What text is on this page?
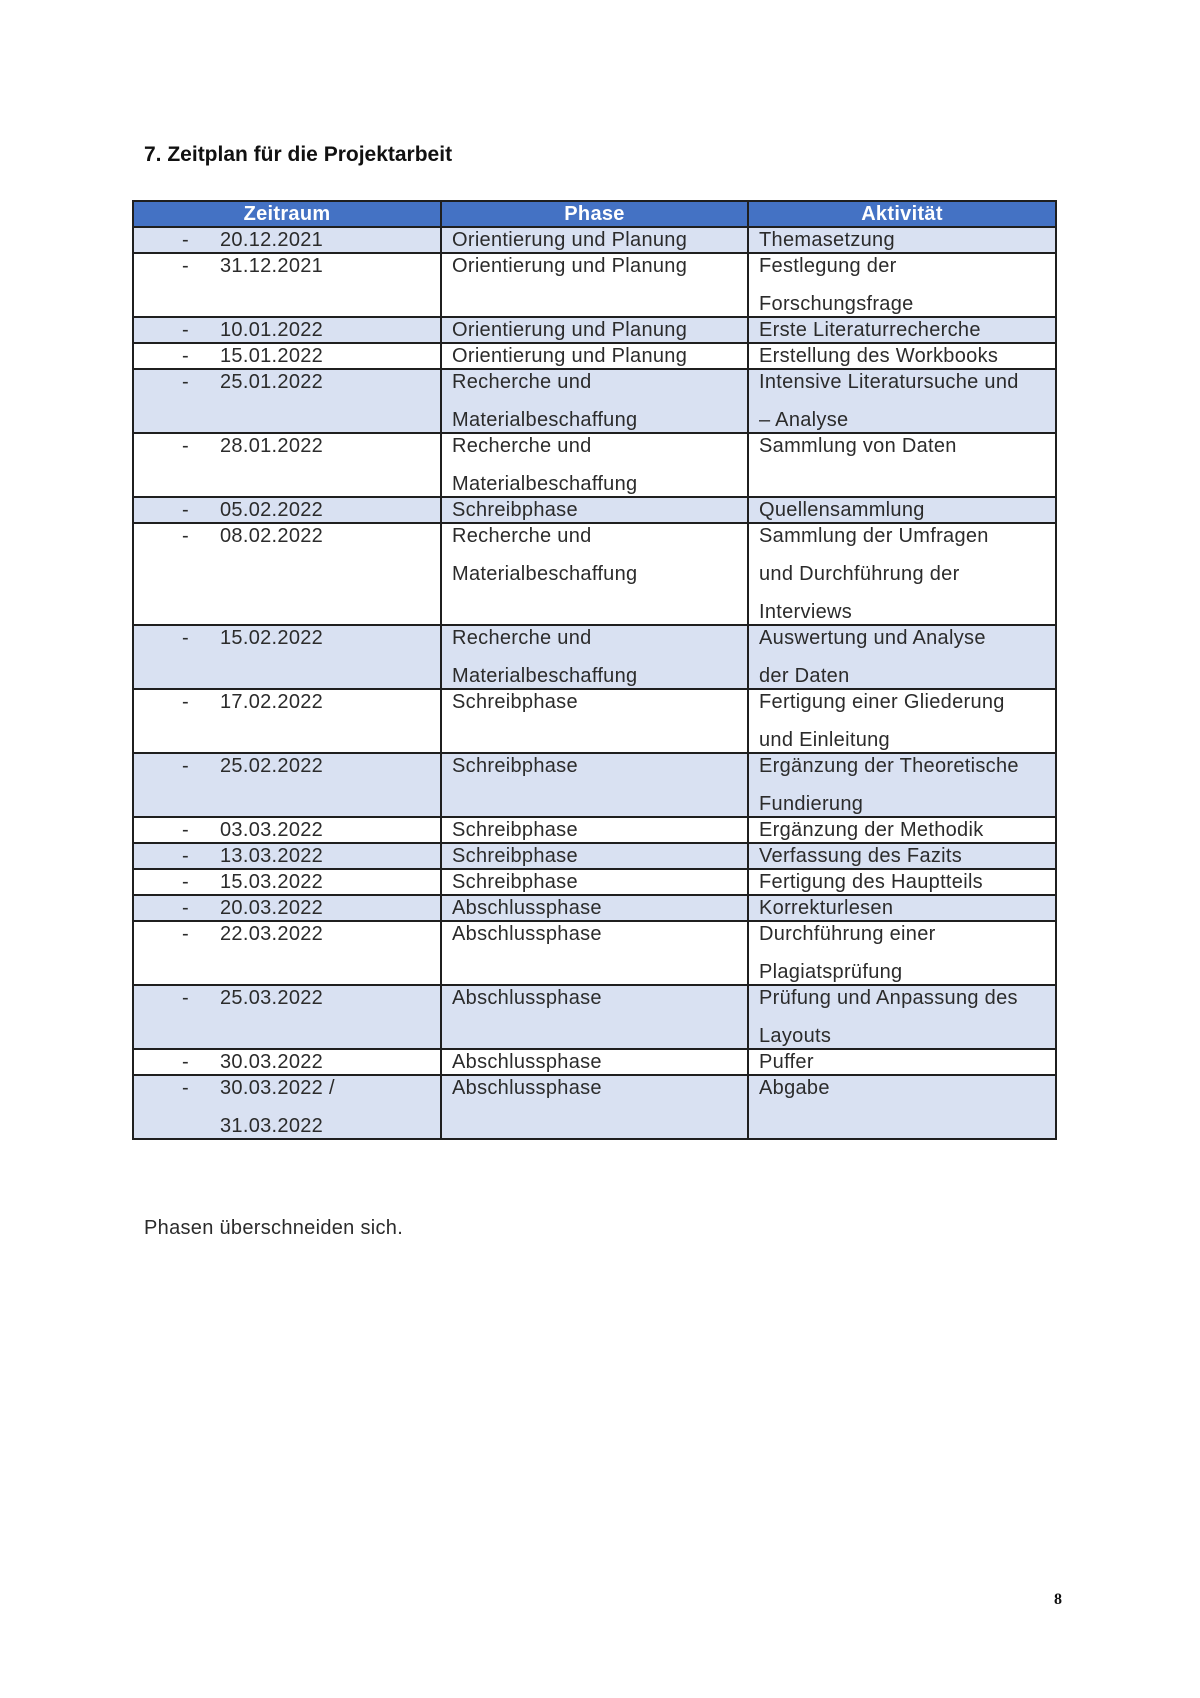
7. Zeitplan für die Projektarbeit
Zeitraum	Phase	Aktivität

- 20.12.2021	Orientierung und Planung	Themasetzung

- 31.12.2021	Orientierung und Planung	Festlegung der
Forschungsfrage

- 10.01.2022	Orientierung und Planung	Erste Literaturrecherche

- 15.01.2022	Orientierung und Planung	Erstellung des Workbooks

- 25.01.2022	Recherche und
Materialbeschaffung	Intensive Literatursuche und
– Analyse

- 28.01.2022	Recherche und
Materialbeschaffung	Sammlung von Daten

- 05.02.2022	Schreibphase	Quellensammlung

- 08.02.2022	Recherche und
Materialbeschaffung	Sammlung der Umfragen
und Durchführung der
Interviews

- 15.02.2022	Recherche und
Materialbeschaffung	Auswertung und Analyse
der Daten

- 17.02.2022	Schreibphase	Fertigung einer Gliederung
und Einleitung

- 25.02.2022	Schreibphase	Ergänzung der Theoretische
Fundierung

- 03.03.2022	Schreibphase	Ergänzung der Methodik

- 13.03.2022	Schreibphase	Verfassung des Fazits

- 15.03.2022	Schreibphase	Fertigung des Hauptteils

- 20.03.2022	Abschlussphase	Korrekturlesen

- 22.03.2022	Abschlussphase	Durchführung einer
Plagiatsprüfung

- 25.03.2022	Abschlussphase	Prüfung und Anpassung des
Layouts

- 30.03.2022	Abschlussphase	Puffer

- 30.03.2022 /
31.03.2022	Abschlussphase	Abgabe

Phasen überschneiden sich.

8
